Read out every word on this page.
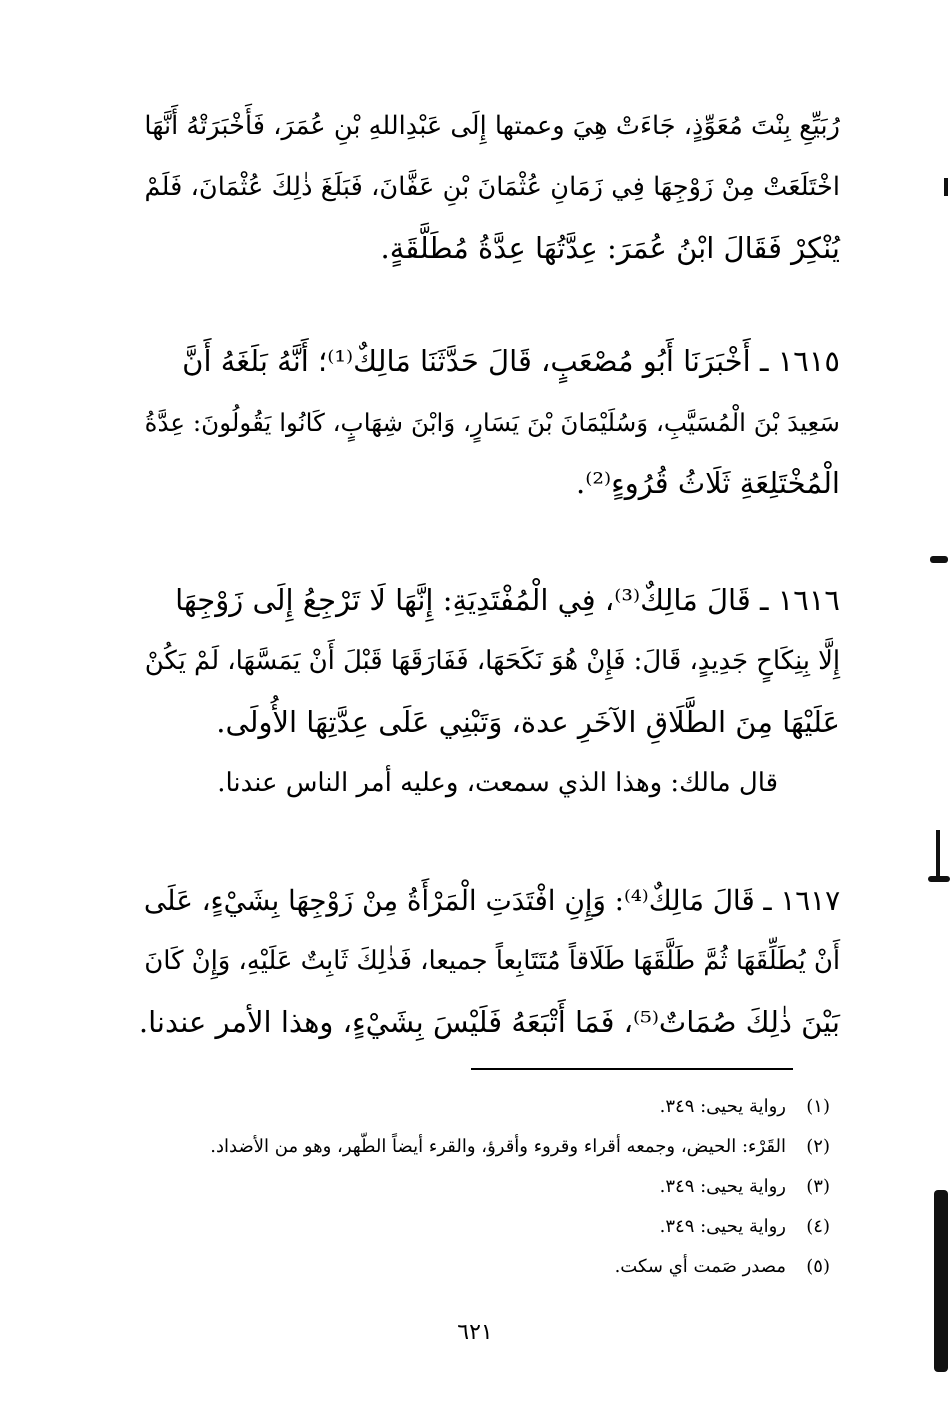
رُبَيِّعِ بِنْتَ مُعَوِّذٍ، جَاءَتْ هِيَ وعمتها إِلَى عَبْدِاللهِ بْنِ عُمَرَ، فَأَخْبَرَتْهُ أَنَّهَا
اخْتَلَعَتْ مِنْ زَوْجِهَا فِي زَمَانِ عُثْمَانَ بْنِ عَفَّانَ، فَبَلَغَ ذٰلِكَ عُثْمَانَ، فَلَمْ
يُنْكِرْ فَقَالَ ابْنُ عُمَرَ: عِدَّتُهَا عِدَّةُ مُطَلَّقَةٍ.
١٦١٥ ـ أَخْبَرَنَا أَبُو مُصْعَبٍ، قَالَ حَدَّثَنَا مَالِكٌ⁽¹⁾؛ أَنَّهُ بَلَغَهُ أَنَّ
سَعِيدَ بْنَ الْمُسَيَّبِ، وَسُلَيْمَانَ بْنَ يَسَارٍ، وَابْنَ شِهَابٍ، كَانُوا يَقُولُونَ: عِدَّةُ
الْمُخْتَلِعَةِ ثَلَاثُ قُرُوءٍ⁽²⁾.
١٦١٦ ـ قَالَ مَالِكٌ⁽³⁾، فِي الْمُفْتَدِيَةِ: إِنَّهَا لَا تَرْجِعُ إِلَى زَوْجِهَا
إِلَّا بِنِكَاحٍ جَدِيدٍ، قَالَ: فَإِنْ هُوَ نَكَحَهَا، فَفَارَقَهَا قَبْلَ أَنْ يَمَسَّهَا، لَمْ يَكُنْ
عَلَيْهَا مِنَ الطَّلَاقِ الآخَرِ عدة، وَتَبْنِي عَلَى عِدَّتِهَا الأُولَى.
قال مالك: وهذا الذي سمعت، وعليه أمر الناس عندنا.
١٦١٧ ـ قَالَ مَالِكٌ⁽⁴⁾: وَإِنِ افْتَدَتِ الْمَرْأَةُ مِنْ زَوْجِهَا بِشَيْءٍ، عَلَى
أَنْ يُطَلِّقَهَا ثُمَّ طَلَّقَهَا طَلَاقاً مُتَتَابِعاً جميعا، فَذٰلِكَ ثَابِتٌ عَلَيْهِ، وَإِنْ كَانَ
بَيْنَ ذٰلِكَ صُمَاتٌ⁽⁵⁾، فَمَا أَتْبَعَهُ فَلَيْسَ بِشَيْءٍ، وهذا الأمر عندنا.
(١)
رواية يحيى: ٣٤٩.
(٢)
القَرْء: الحيض، وجمعه أقراء وقروء وأقرؤ، والقرء أيضاً الطّهر، وهو من الأضداد.
(٣)
رواية يحيى: ٣٤٩.
(٤)
رواية يحيى: ٣٤٩.
(٥)
مصدر صَمت أي سكت.
٦٢١
